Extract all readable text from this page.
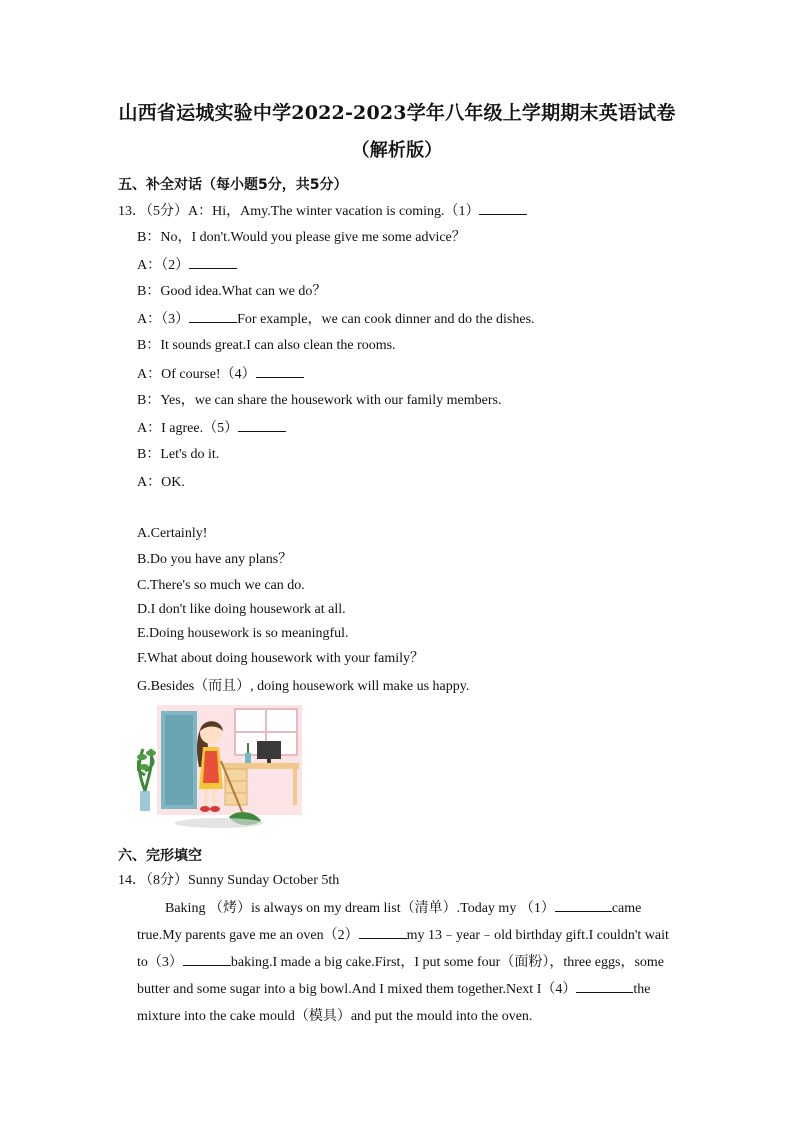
山西省运城实验中学2022-2023学年八年级上学期期末英语试卷
（解析版）
五、补全对话（每小题5分，共5分）
13．（5分）A：Hi，Amy.The winter vacation is coming.（1）
B：No，I don't.Would you please give me some advice？
A：（2）
B：Good idea.What can we do？
A：（3）	For example，we can cook dinner and do the dishes.
B：It sounds great.I can also clean the rooms.
A：Of course!（4）
B：Yes，we can share the housework with our family members.
A：I agree.（5）
B：Let's do it.
A：OK.
A.Certainly!
B.Do you have any plans？
C.There's so much we can do.
D.I don't like doing housework at all.
E.Doing housework is so meaningful.
F.What about doing housework with your family？
G.Besides（而且）, doing housework will make us happy.
六、完形填空
14．（8分）Sunny Sunday October 5th
Baking （烤）is always on my dream list（清单）.Today my （1）	came
true.My parents gave me an oven（2）	my 13﹣year﹣old birthday gift.I couldn't wait
to（3）	baking.I made a big cake.First，I put some four（面粉），three eggs，some
butter and some sugar into a big bowl.And I mixed them together.Next I（4）	the
mixture into the cake mould（模具）and put the mould into the oven.
